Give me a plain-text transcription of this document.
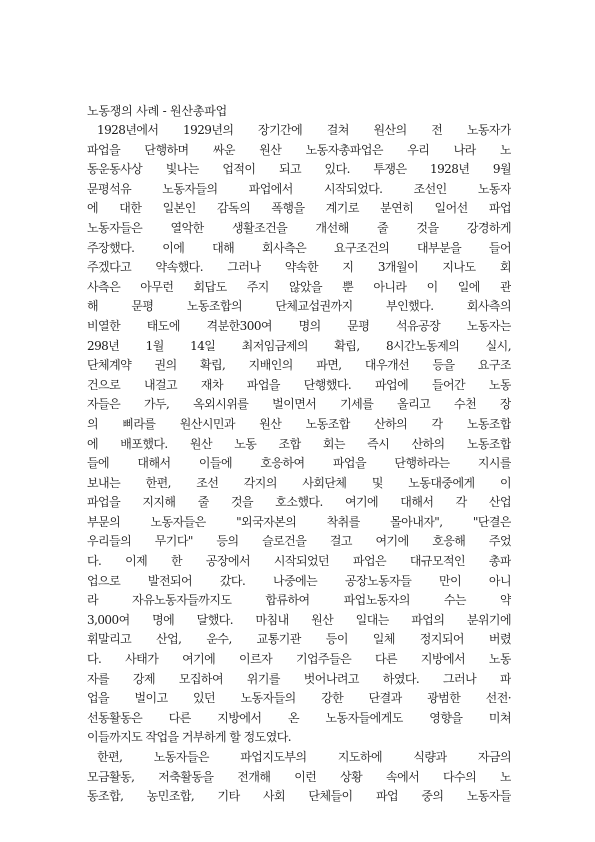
노동쟁의 사례 - 원산총파업
1928년에서 1929년의 장기간에 걸쳐 원산의 전 노동자가
파업을 단행하며 싸운 원산 노동자총파업은 우리 나라 노
동운동사상 빛나는 업적이 되고 있다. 투쟁은 1928년 9월
문평석유 노동자들의 파업에서 시작되었다. 조선인 노동자
에 대한 일본인 감독의 폭행을 계기로 분연히 일어선 파업
노동자들은 열악한 생활조건을 개선해 줄 것을 강경하게
주장했다. 이에 대해 회사측은 요구조건의 대부분을 들어
주겠다고 약속했다. 그러나 약속한 지 3개월이 지나도 회
사측은 아무런 회답도 주지 않았을 뿐 아니라 이 일에 관
해 문평 노동조합의 단체교섭권까지 부인했다. 회사측의
비열한 태도에 격분한300여 명의 문평 석유공장 노동자는
298년 1월 14일 최저임금제의 확립, 8시간노동제의 실시,
단체계약 권의 확립, 지배인의 파면, 대우개선 등을 요구조
건으로 내걸고 재차 파업을 단행했다. 파업에 들어간 노동
자들은 가두, 옥외시위를 벌이면서 기세를 올리고 수천 장
의 삐라를 원산시민과 원산 노동조합 산하의 각 노동조합
에 배포했다. 원산 노동 조합 회는 즉시 산하의 노동조합
들에 대해서 이들에 호응하여 파업을 단행하라는 지시를
보내는 한편, 조선 각지의 사회단체 및 노동대중에게 이
파업을 지지해 줄 것을 호소했다. 여기에 대해서 각 산업
부문의 노동자들은 "외국자본의 착취를 몰아내자", "단결은
우리들의 무기다" 등의 슬로건을 걸고 여기에 호응해 주었
다. 이제 한 공장에서 시작되었던 파업은 대규모적인 총파
업으로 발전되어 갔다. 나중에는 공장노동자들 만이 아니
라 자유노동자들까지도 합류하여 파업노동자의 수는 약
3,000여 명에 달했다. 마침내 원산 일대는 파업의 분위기에
휘말리고 산업, 운수, 교통기관 등이 일체 정지되어 버렸
다. 사태가 여기에 이르자 기업주들은 다른 지방에서 노동
자를 강제 모집하여 위기를 벗어나려고 하였다. 그러나 파
업을 벌이고 있던 노동자들의 강한 단결과 광범한 선전·
선동활동은 다른 지방에서 온 노동자들에게도 영향을 미쳐
이들까지도 작업을 거부하게 할 정도였다.
한편, 노동자들은 파업지도부의 지도하에 식량과 자금의
모금활동, 저축활동을 전개해 이런 상황 속에서 다수의 노
동조합, 농민조합, 기타 사회 단체들이 파업 중의 노동자들
